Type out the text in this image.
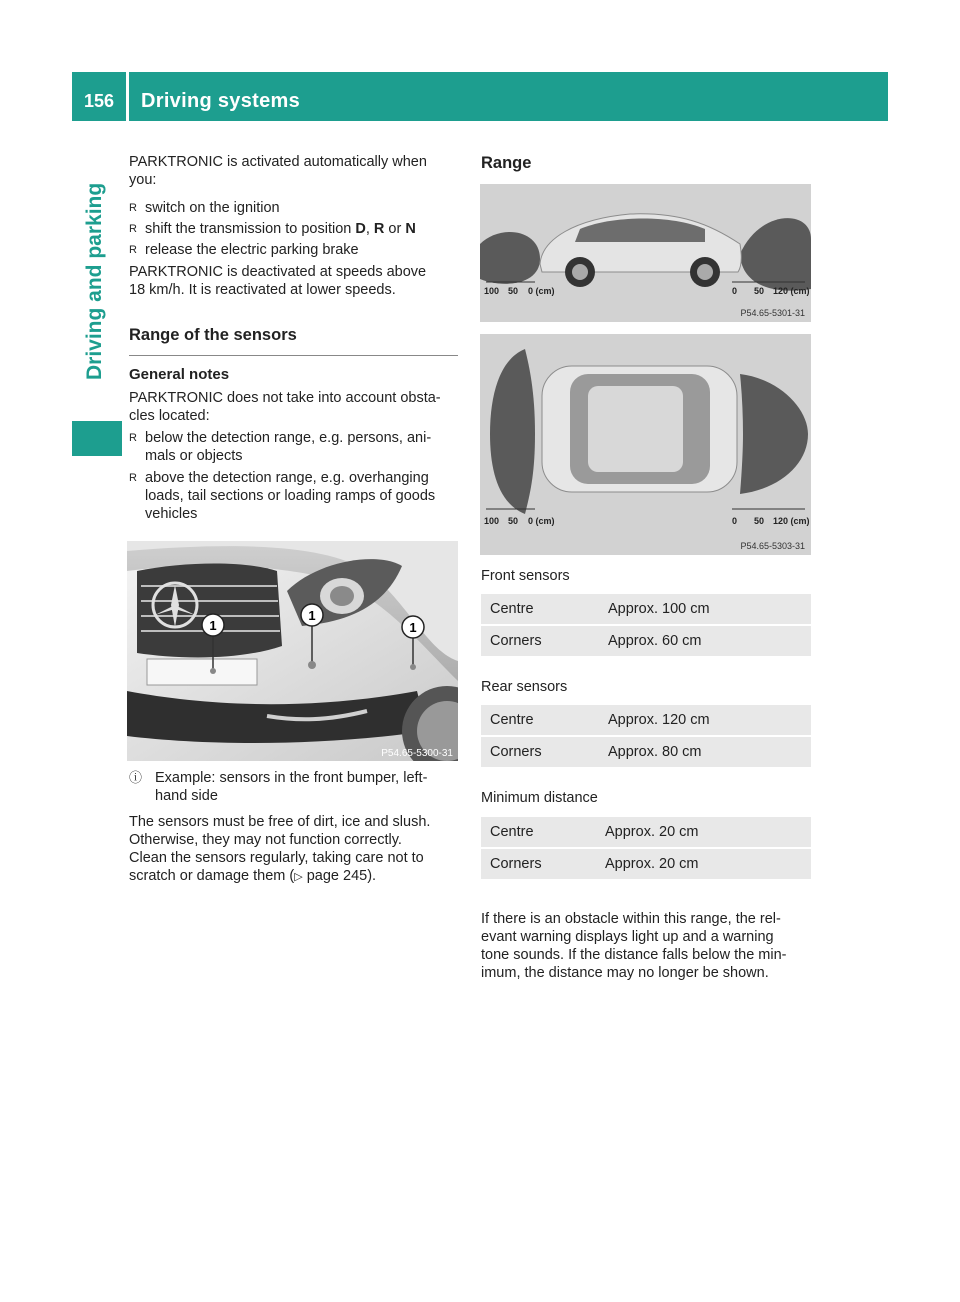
156	Driving systems
Driving and parking

PARKTRONIC is activated automatically when you:

R switch on the ignition

R shift the transmission to position D, R or N

R release the electric parking brake

PARKTRONIC is deactivated at speeds above

18 km/h. It is reactivated at lower speeds.

Range of the sensors

General notes

PARKTRONIC does not take into account obsta-

cles located:

R below the detection range, e.g. persons, ani-
mals or objects

R above the detection range, e.g. overhanging
loads, tail sections or loading ramps of goods
vehicles

1
1
1
P54.65-5300-31

ⓘ Example: sensors in the front bumper, left-
hand side

The sensors must be free of dirt, ice and slush.

Otherwise, they may not function correctly.

Clean the sensors regularly, taking care not to

scratch or damage them (▷ page 245).

Range
100 50 0 (cm)	0 50 120 (cm)
P54.65-5301-31
100 50 0 (cm)	0 50 120 (cm)
P54.65-5303-31
Front sensors
Centre	Approx. 100 cm
Corners	Approx. 60 cm
Rear sensors
Centre	Approx. 120 cm
Corners	Approx. 80 cm
Minimum distance
Centre	Approx. 20 cm
Corners	Approx. 20 cm
If there is an obstacle within this range, the rel-
evant warning displays light up and a warning
tone sounds. If the distance falls below the min-
imum, the distance may no longer be shown.
